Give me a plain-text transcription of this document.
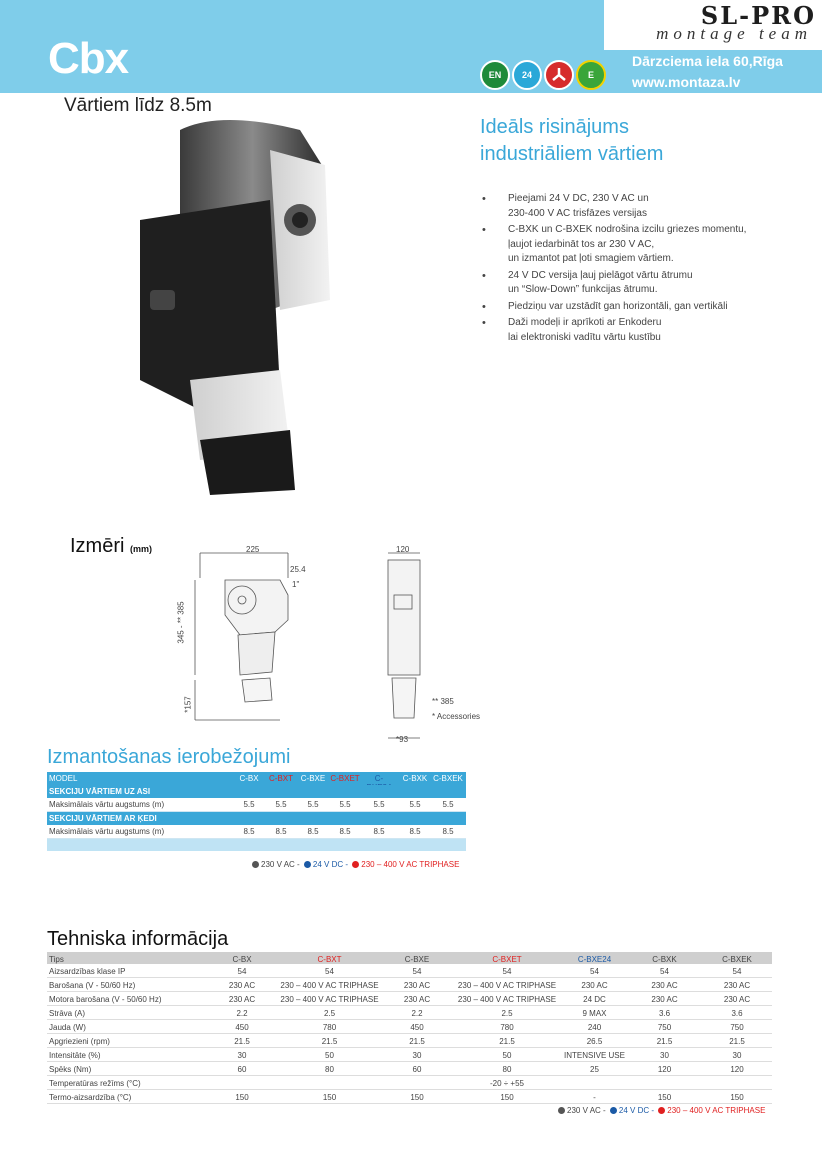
Cbx	EN	24	E
Dārzciema iela 60,Rīga
www.montaza.lv
SL-PRO
montage team
Vārtiem līdz 8.5m
Ideāls risinājums
industriāliem vārtiem
• Pieejami 24 V DC, 230 V AC un
230-400 V AC trisfāzes versijas
• C-BXK un C-BXEK nodrošina izcilu griezes momentu,
ļaujot iedarbināt tos ar 230 V AC,
un izmantot pat ļoti smagiem vārtiem.
• 24 V DC versija ļauj pielāgot vārtu ātrumu
un “Slow-Down” funkcijas ātrumu.
• Piedziņu var uzstādīt gan horizontāli, gan vertikāli
• Daži modeļi ir aprīkoti ar Enkoderu
lai elektroniski vadītu vārtu kustību
Izmēri (mm)	225
25.4
1"
345 - ** 385
*157
120
*93
** 385
* Accessories
Izmantošanas ierobežojumi
MODEL	C-BX	C-BXT C-BXE C-BXET	C-	C-BXK C-BXEK
SEKCIJU VĀRTIEM UZ ASI
Maksimālais vārtu augstums (m)	5.5	5.5	5.5	5.5	5.5	5.5	5.5
SEKCIJU VĀRTIEM AR ĶEDI
Maksimālais vārtu augstums (m)	8.5	8.5	8.5	8.5	8.5	8.5	8.5
230 V AC - 24 V DC - 230 – 400 V AC TRIPHASE
Tehniska informācija
Tips	C-BX	C-BXT	C-BXE	C-BXET	C-BXE24	C-BXK	C-BXEK
Aizsardzības klase IP	54	54	54	54	54	54	54
Barošana (V - 50/60 Hz)	230 AC	230 – 400 V AC TRIPHASE	230 AC	230 – 400 V AC TRIPHASE	230 AC	230 AC	230 AC
Motora barošana (V - 50/60 Hz)	230 AC	230 – 400 V AC TRIPHASE	230 AC	230 – 400 V AC TRIPHASE	24 DC	230 AC	230 AC
Strāva (A)	2.2	2.5	2.2	2.5	9 MAX	3.6	3.6
Jauda (W)	450	780	450	780	240	750	750
Apgriezieni (rpm)	21.5	21.5	21.5	21.5	26.5	21.5	21.5
Intensitāte (%)	30	50	30	50	INTENSIVE USE	30	30
Spēks (Nm)	60	80	60	80	25	120	120
Temperatūras režīms (°C)	-20 ÷ +55
Termo-aizsardzība (°C)	150	150	150	150	-	150	150
230 V AC - 24 V DC - 230 – 400 V AC TRIPHASE
